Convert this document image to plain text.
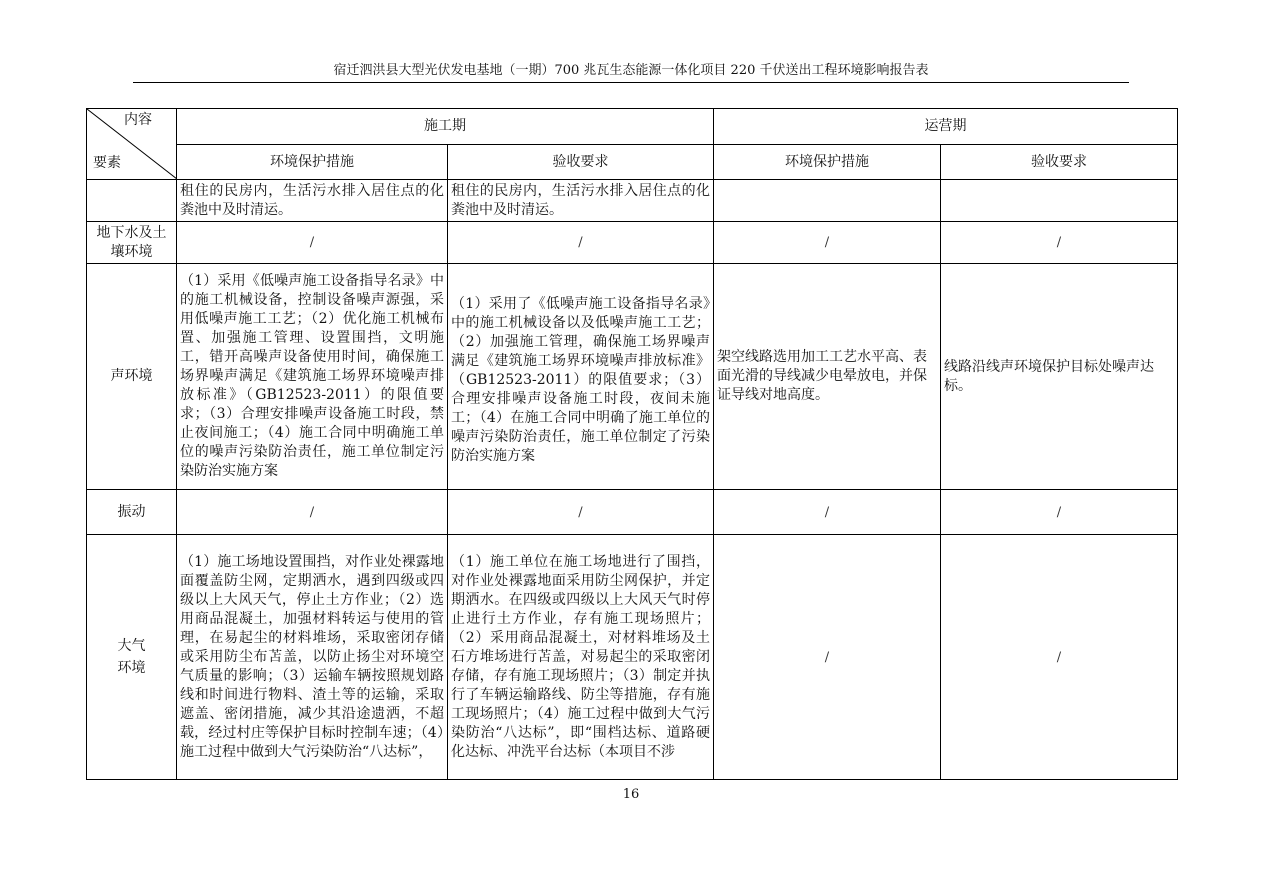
宿迁泗洪县大型光伏发电基地（一期）700 兆瓦生态能源一体化项目 220 千伏送出工程环境影响报告表
内容
要素	施工期		运营期	
	环境保护措施	验收要求	环境保护措施	验收要求
	租住的民房内，生活污水排入居住点的化粪池中及时清运。	租住的民房内，生活污水排入居住点的化粪池中及时清运。		
地下水及土壤环境	/	/	/	/
声环境	（1）采用《低噪声施工设备指导名录》中的施工机械设备，控制设备噪声源强，采用低噪声施工工艺；（2）优化施工机械布置、加强施工管理、设置围挡，文明施工，错开高噪声设备使用时间，确保施工场界噪声满足《建筑施工场界环境噪声排放标准》（GB12523-2011）的限值要求；（3）合理安排噪声设备施工时段，禁止夜间施工；（4）施工合同中明确施工单位的噪声污染防治责任，施工单位制定污染防治实施方案	（1）采用了《低噪声施工设备指导名录》中的施工机械设备以及低噪声施工工艺；（2）加强施工管理，确保施工场界噪声满足《建筑施工场界环境噪声排放标准》（GB12523-2011）的限值要求；（3）合理安排噪声设备施工时段，夜间未施工；（4）在施工合同中明确了施工单位的噪声污染防治责任，施工单位制定了污染防治实施方案	架空线路选用加工工艺水平高、表面光滑的导线减少电晕放电，并保证导线对地高度。	线路沿线声环境保护目标处噪声达标。
振动	/	/	/	/

大气环境	（1）施工场地设置围挡，对作业处裸露地面覆盖防尘网，定期洒水，遇到四级或四级以上大风天气，停止土方作业；（2）选用商品混凝土，加强材料转运与使用的管理，在易起尘的材料堆场，采取密闭存储或采用防尘布苫盖，以防止扬尘对环境空气质量的影响；（3）运输车辆按照规划路线和时间进行物料、渣土等的运输，采取遮盖、密闭措施，减少其沿途遗洒，不超载，经过村庄等保护目标时控制车速；（4）施工过程中做到大气污染防治“八达标”，	（1）施工单位在施工场地进行了围挡，对作业处裸露地面采用防尘网保护，并定期洒水。在四级或四级以上大风天气时停止进行土方作业，存有施工现场照片；（2）采用商品混凝土，对材料堆场及土石方堆场进行苫盖，对易起尘的采取密闭存储，存有施工现场照片；（3）制定并执行了车辆运输路线、防尘等措施，存有施工现场照片；（4）施工过程中做到大气污染防治“八达标”，即“围档达标、道路硬化达标、冲洗平台达标（本项目不涉	/	/
16
